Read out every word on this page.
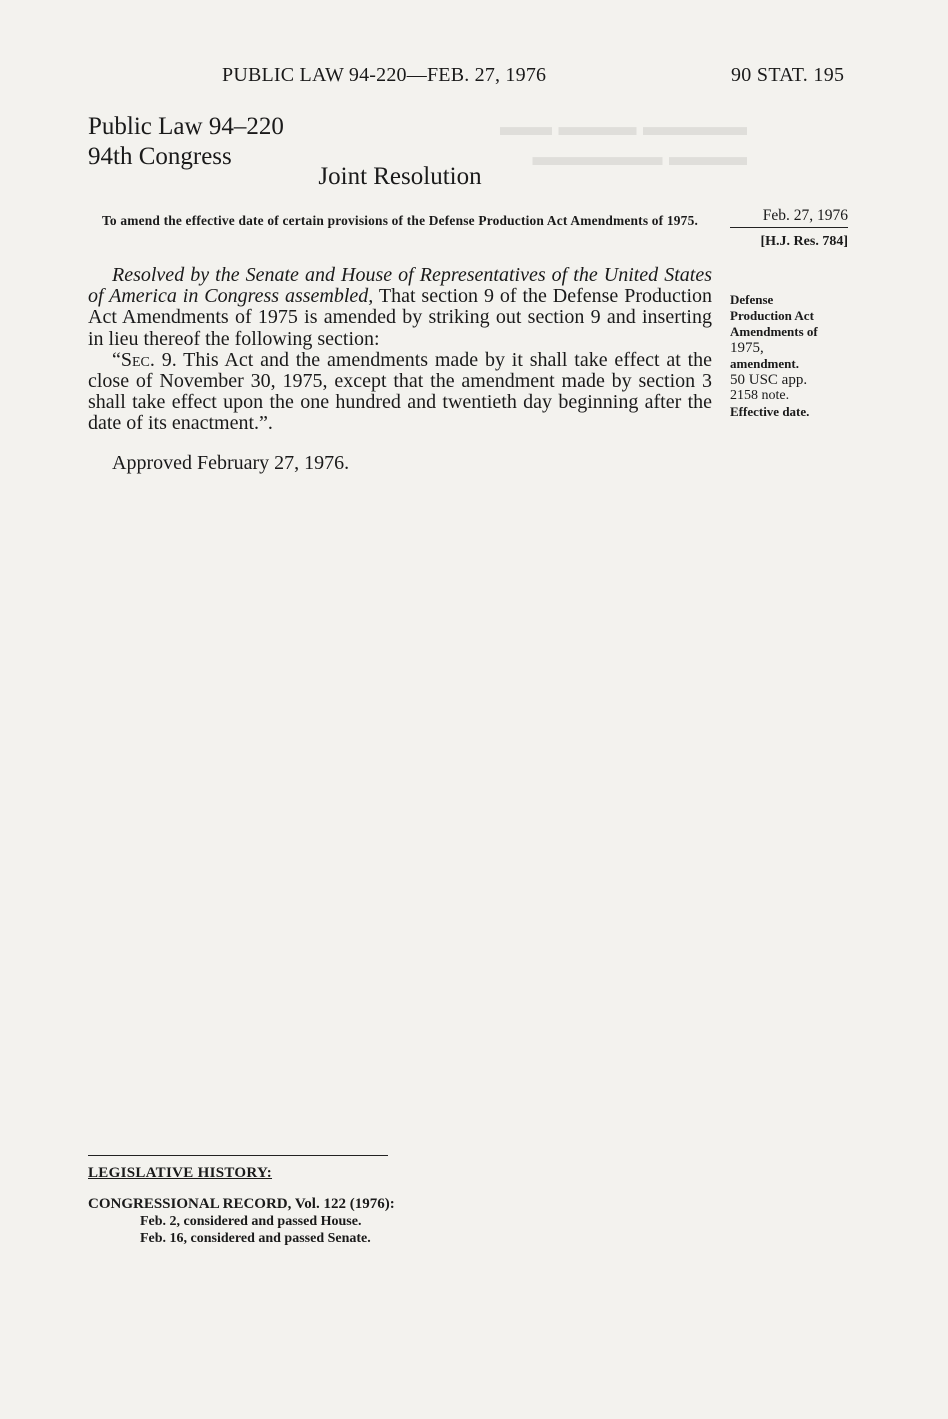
▬▬▬▬ ▬▬▬ ▬▬
▬▬▬ ▬▬▬▬▬
PUBLIC LAW 94-220—FEB. 27, 1976	90 STAT. 195
Public Law 94–220
94th Congress
Joint Resolution
To amend the effective date of certain provisions of the Defense Production Act Amendments of 1975.	Feb. 27, 1976
[H.J. Res. 784]

Resolved by the Senate and House of Representatives of the United States of America in Congress assembled, That section 9 of the Defense Production Act Amendments of 1975 is amended by striking out section 9 and inserting in lieu thereof the following section:

“Sec. 9. This Act and the amendments made by it shall take effect at the close of November 30, 1975, except that the amendment made by section 3 shall take effect upon the one hundred and twentieth day beginning after the date of its enactment.”.

Approved February 27, 1976.
Defense
Production Act
Amendments of
1975,
amendment.
50 USC app.
2158 note.
Effective date.
LEGISLATIVE HISTORY:
CONGRESSIONAL RECORD, Vol. 122 (1976):
Feb. 2, considered and passed House.
Feb. 16, considered and passed Senate.
